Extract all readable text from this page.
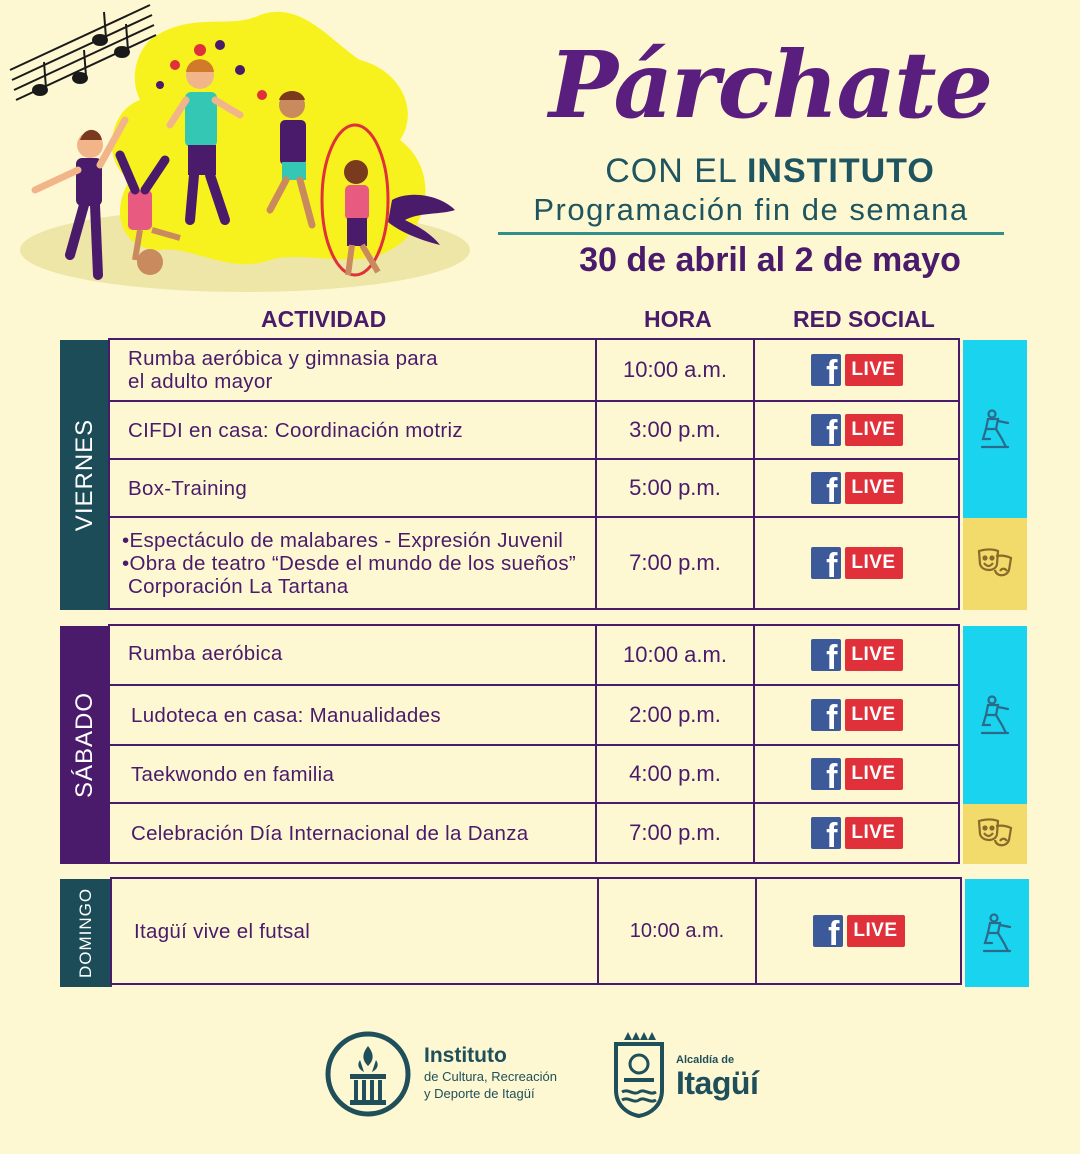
Párchate
CON EL INSTITUTO
Programación fin de semana
30 de abril al 2 de mayo
ACTIVIDAD	HORA	RED SOCIAL
VIERNES
Rumba aeróbica y gimnasia para
el adulto mayor	10:00 a.m.	f LIVE
CIFDI en casa: Coordinación motriz	3:00 p.m.	f LIVE
Box-Training	5:00 p.m.	f LIVE
•Espectáculo de malabares - Expresión Juvenil
•Obra de teatro “Desde el mundo de los sueños”
Corporación La Tartana
7:00 p.m.	f LIVE
SÁBADO
Rumba aeróbica	10:00 a.m.	f LIVE
Ludoteca en casa: Manualidades	2:00 p.m.	f LIVE
Taekwondo en familia	4:00 p.m.	f LIVE
Celebración Día Internacional de la Danza	7:00 p.m.	f LIVE
DOMINGO Itagüí vive el futsal	10:00 a.m.	f LIVE
Instituto
de Cultura, Recreación
y Deporte de Itagüí
Alcaldía de
Itagüí
